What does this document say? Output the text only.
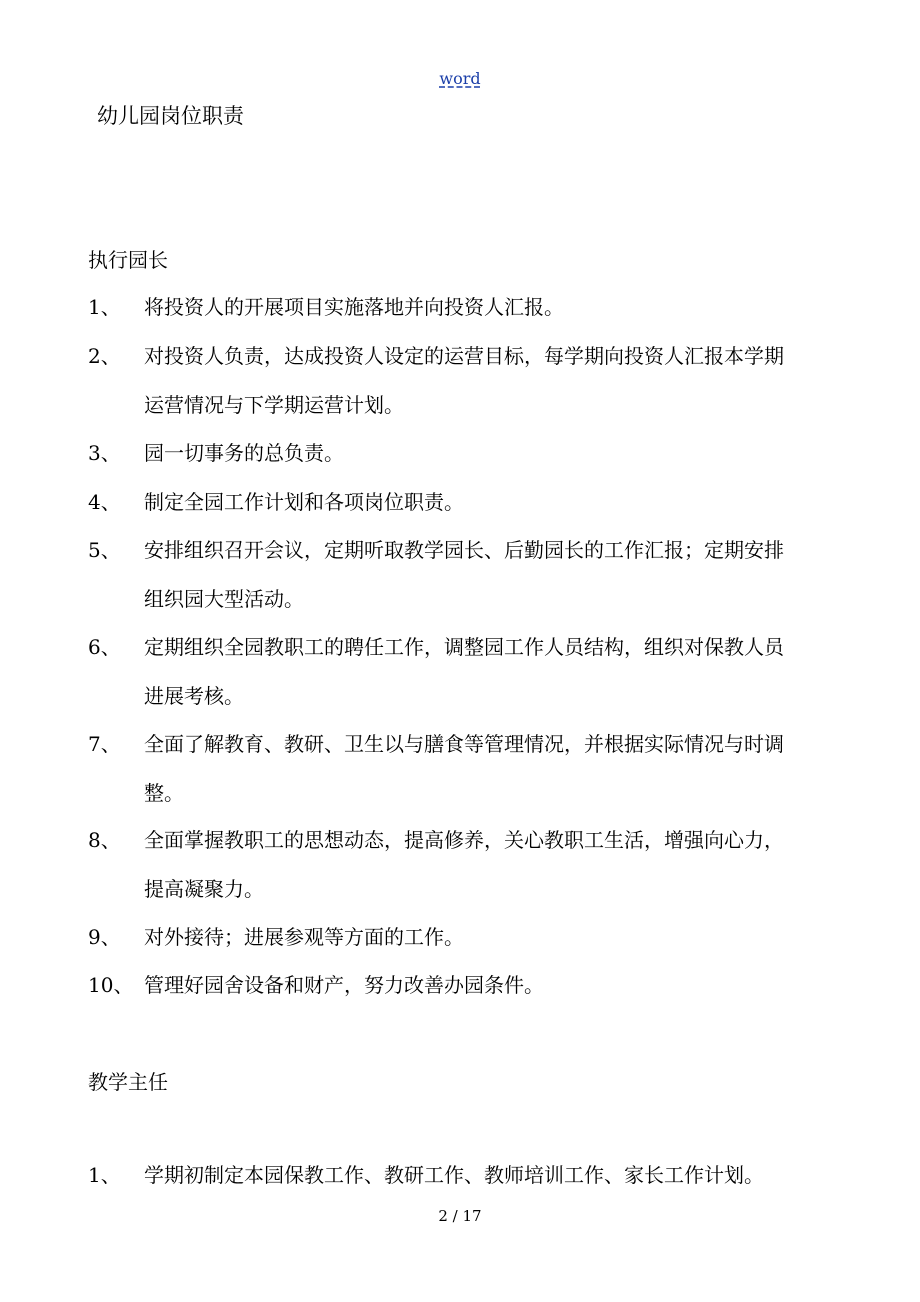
word
幼儿园岗位职责
执行园长
1、 将投资人的开展项目实施落地并向投资人汇报。
2、 对投资人负责，达成投资人设定的运营目标，每学期向投资人汇报本学期
运营情况与下学期运营计划。
3、 园一切事务的总负责。
4、 制定全园工作计划和各项岗位职责。
5、 安排组织召开会议，定期听取教学园长、后勤园长的工作汇报；定期安排
组织园大型活动。
6、 定期组织全园教职工的聘任工作，调整园工作人员结构，组织对保教人员
进展考核。
7、 全面了解教育、教研、卫生以与膳食等管理情况，并根据实际情况与时调
整。
8、 全面掌握教职工的思想动态，提高修养，关心教职工生活，增强向心力，
提高凝聚力。
9、 对外接待；进展参观等方面的工作。
10、 管理好园舍设备和财产，努力改善办园条件。
教学主任
1、 学期初制定本园保教工作、教研工作、教师培训工作、家长工作计划。
2 / 17
